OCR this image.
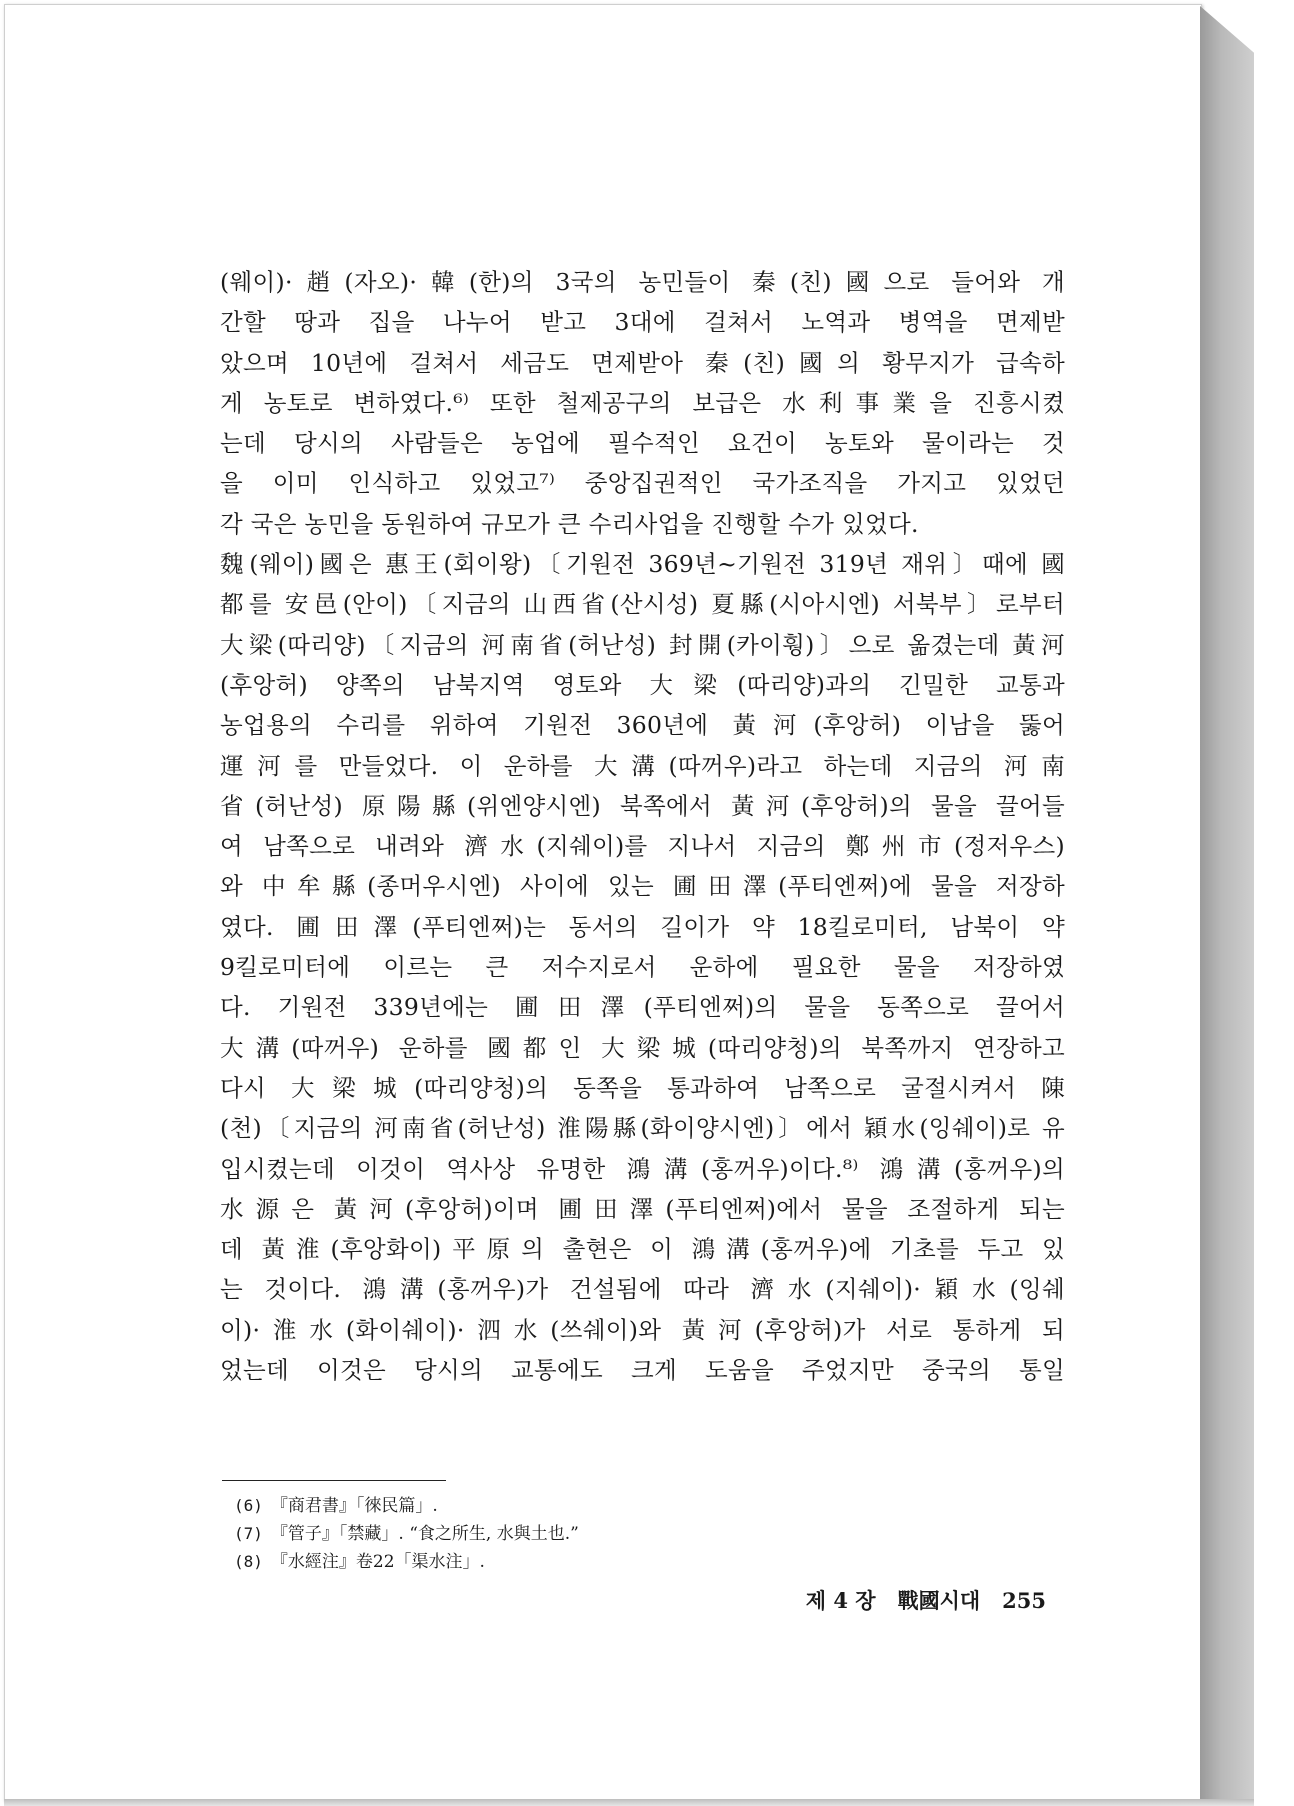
(웨이)·趙(자오)·韓(한)의 3국의 농민들이 秦(친)國으로 들어와 개
간할 땅과 집을 나누어 받고 3대에 걸쳐서 노역과 병역을 면제받
았으며 10년에 걸쳐서 세금도 면제받아 秦(친)國의 황무지가 급속하
게 농토로 변하였다.⁶⁾ 또한 철제공구의 보급은 水利事業을 진흥시켰
는데 당시의 사람들은 농업에 필수적인 요건이 농토와 물이라는 것
을 이미 인식하고 있었고⁷⁾ 중앙집권적인 국가조직을 가지고 있었던
각 국은 농민을 동원하여 규모가 큰 수리사업을 진행할 수가 있었다.
魏(웨이)國은 惠王(회이왕)〔기원전 369년~기원전 319년 재위〕때에 國
都를 安邑(안이)〔지금의 山西省(산시성) 夏縣(시아시엔) 서북부〕로부터
大梁(따리양)〔지금의 河南省(허난성) 封開(카이훵)〕으로 옮겼는데 黃河
(후앙허) 양쪽의 남북지역 영토와 大梁(따리양)과의 긴밀한 교통과
농업용의 수리를 위하여 기원전 360년에 黃河(후앙허) 이남을 뚫어
運河를 만들었다. 이 운하를 大溝(따꺼우)라고 하는데 지금의 河南
省(허난성) 原陽縣(위엔양시엔) 북쪽에서 黃河(후앙허)의 물을 끌어들
여 남쪽으로 내려와 濟水(지쉐이)를 지나서 지금의 鄭州市(정저우스)
와 中牟縣(종머우시엔) 사이에 있는 圃田澤(푸티엔쩌)에 물을 저장하
였다. 圃田澤(푸티엔쩌)는 동서의 길이가 약 18킬로미터, 남북이 약
9킬로미터에 이르는 큰 저수지로서 운하에 필요한 물을 저장하였
다. 기원전 339년에는 圃田澤(푸티엔쩌)의 물을 동쪽으로 끌어서
大溝(따꺼우) 운하를 國都인 大梁城(따리양청)의 북쪽까지 연장하고
다시 大梁城(따리양청)의 동쪽을 통과하여 남쪽으로 굴절시켜서 陳
(천)〔지금의 河南省(허난성) 淮陽縣(화이양시엔)〕에서 穎水(잉쉐이)로 유
입시켰는데 이것이 역사상 유명한 鴻溝(홍꺼우)이다.⁸⁾ 鴻溝(홍꺼우)의
水源은 黃河(후앙허)이며 圃田澤(푸티엔쩌)에서 물을 조절하게 되는
데 黃淮(후앙화이)平原의 출현은 이 鴻溝(홍꺼우)에 기초를 두고 있
는 것이다. 鴻溝(홍꺼우)가 건설됨에 따라 濟水(지쉐이)·穎水(잉쉐
이)·淮水(화이쉐이)·泗水(쓰쉐이)와 黃河(후앙허)가 서로 통하게 되
었는데 이것은 당시의 교통에도 크게 도움을 주었지만 중국의 통일
(6) 『商君書』「徠民篇」.
(7) 『管子』「禁藏」. “食之所生, 水與土也.”
(8) 『水經注』卷22「渠水注」.
제 4 장 戰國시대 255
